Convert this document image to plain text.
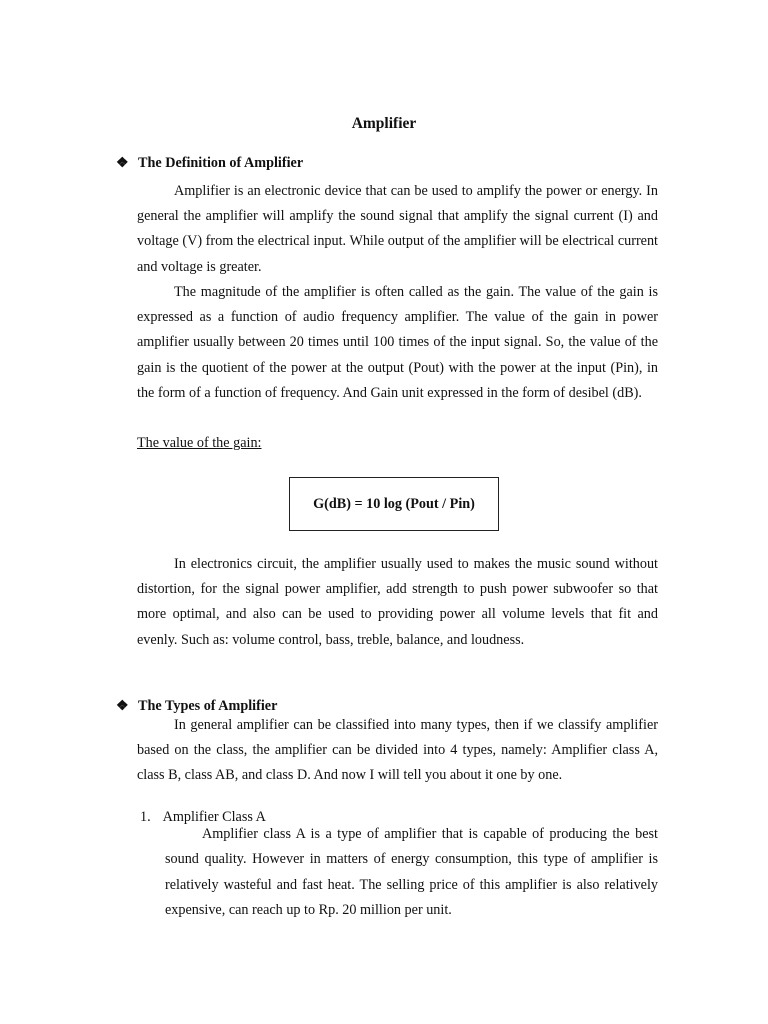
Amplifier
❖ The Definition of Amplifier

Amplifier is an electronic device that can be used to amplify the power or energy. In general the amplifier will amplify the sound signal that amplify the signal current (I) and voltage (V) from the electrical input. While output of the amplifier will be electrical current and voltage is greater.

The magnitude of the amplifier is often called as the gain. The value of the gain is expressed as a function of audio frequency amplifier. The value of the gain in power amplifier usually between 20 times until 100 times of the input signal. So, the value of the gain is the quotient of the power at the output (Pout) with the power at the input (Pin), in the form of a function of frequency. And Gain unit expressed in the form of desibel (dB).

The value of the gain:
G(dB) = 10 log (Pout / Pin)

In electronics circuit, the amplifier usually used to makes the music sound without distortion, for the signal power amplifier, add strength to push power subwoofer so that more optimal, and also can be used to providing power all volume levels that fit and evenly. Such as: volume control, bass, treble, balance, and loudness.

❖ The Types of Amplifier

In general amplifier can be classified into many types, then if we classify amplifier based on the class, the amplifier can be divided into 4 types, namely: Amplifier class A, class B, class AB, and class D. And now I will tell you about it one by one.

1. Amplifier Class A

Amplifier class A is a type of amplifier that is capable of producing the best sound quality. However in matters of energy consumption, this type of amplifier is relatively wasteful and fast heat. The selling price of this amplifier is also relatively expensive, can reach up to Rp. 20 million per unit.
